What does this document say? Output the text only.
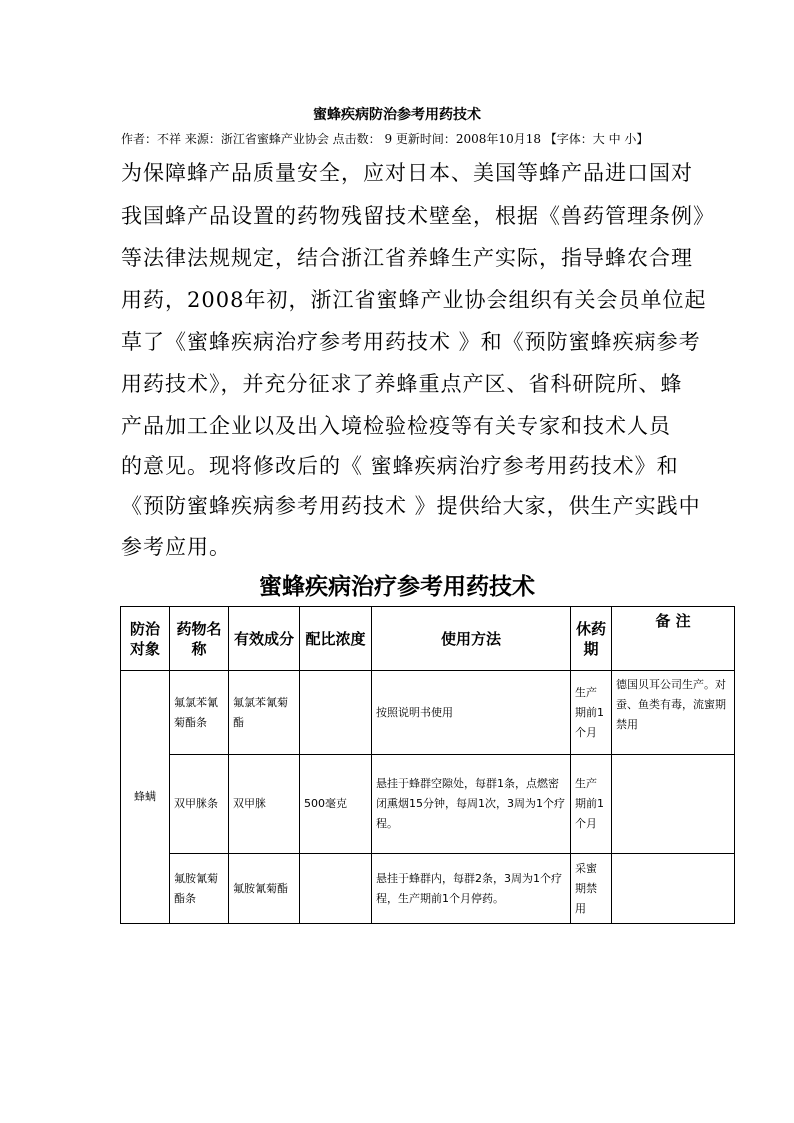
蜜蜂疾病防治参考用药技术
作者：不祥 来源：浙江省蜜蜂产业协会 点击数： 9 更新时间：2008年10月18 【字体：大 中 小】
为保障蜂产品质量安全，应对日本、美国等蜂产品进口国对
我国蜂产品设置的药物残留技术壁垒，根据《兽药管理条例》
等法律法规规定，结合浙江省养蜂生产实际，指导蜂农合理
用药，2008年初，浙江省蜜蜂产业协会组织有关会员单位起
草了《蜜蜂疾病治疗参考用药技术 》和《预防蜜蜂疾病参考
用药技术》，并充分征求了养蜂重点产区、省科研院所、蜂
产品加工企业以及出入境检验检疫等有关专家和技术人员
的意见。现将修改后的《 蜜蜂疾病治疗参考用药技术》和
《预防蜜蜂疾病参考用药技术 》提供给大家，供生产实践中
参考应用。
蜜蜂疾病治疗参考用药技术
防治对象	药物名称	有效成分	配比浓度	使用方法	休药期	备 注
蜂螨	氟氯苯氰菊酯条	氟氯苯氰菊酯		按照说明书使用	生产期前1个月	德国贝耳公司生产。对蚕、鱼类有毒，流蜜期禁用
	双甲脒条	双甲脒	500毫克	悬挂于蜂群空隙处，每群1条，点燃密闭熏烟15分钟，每周1次，3周为1个疗程。	生产期前1个月	
	氟胺氰菊酯条	氟胺氰菊酯		悬挂于蜂群内，每群2条，3周为1个疗程，生产期前1个月停药。	采蜜期禁用	
